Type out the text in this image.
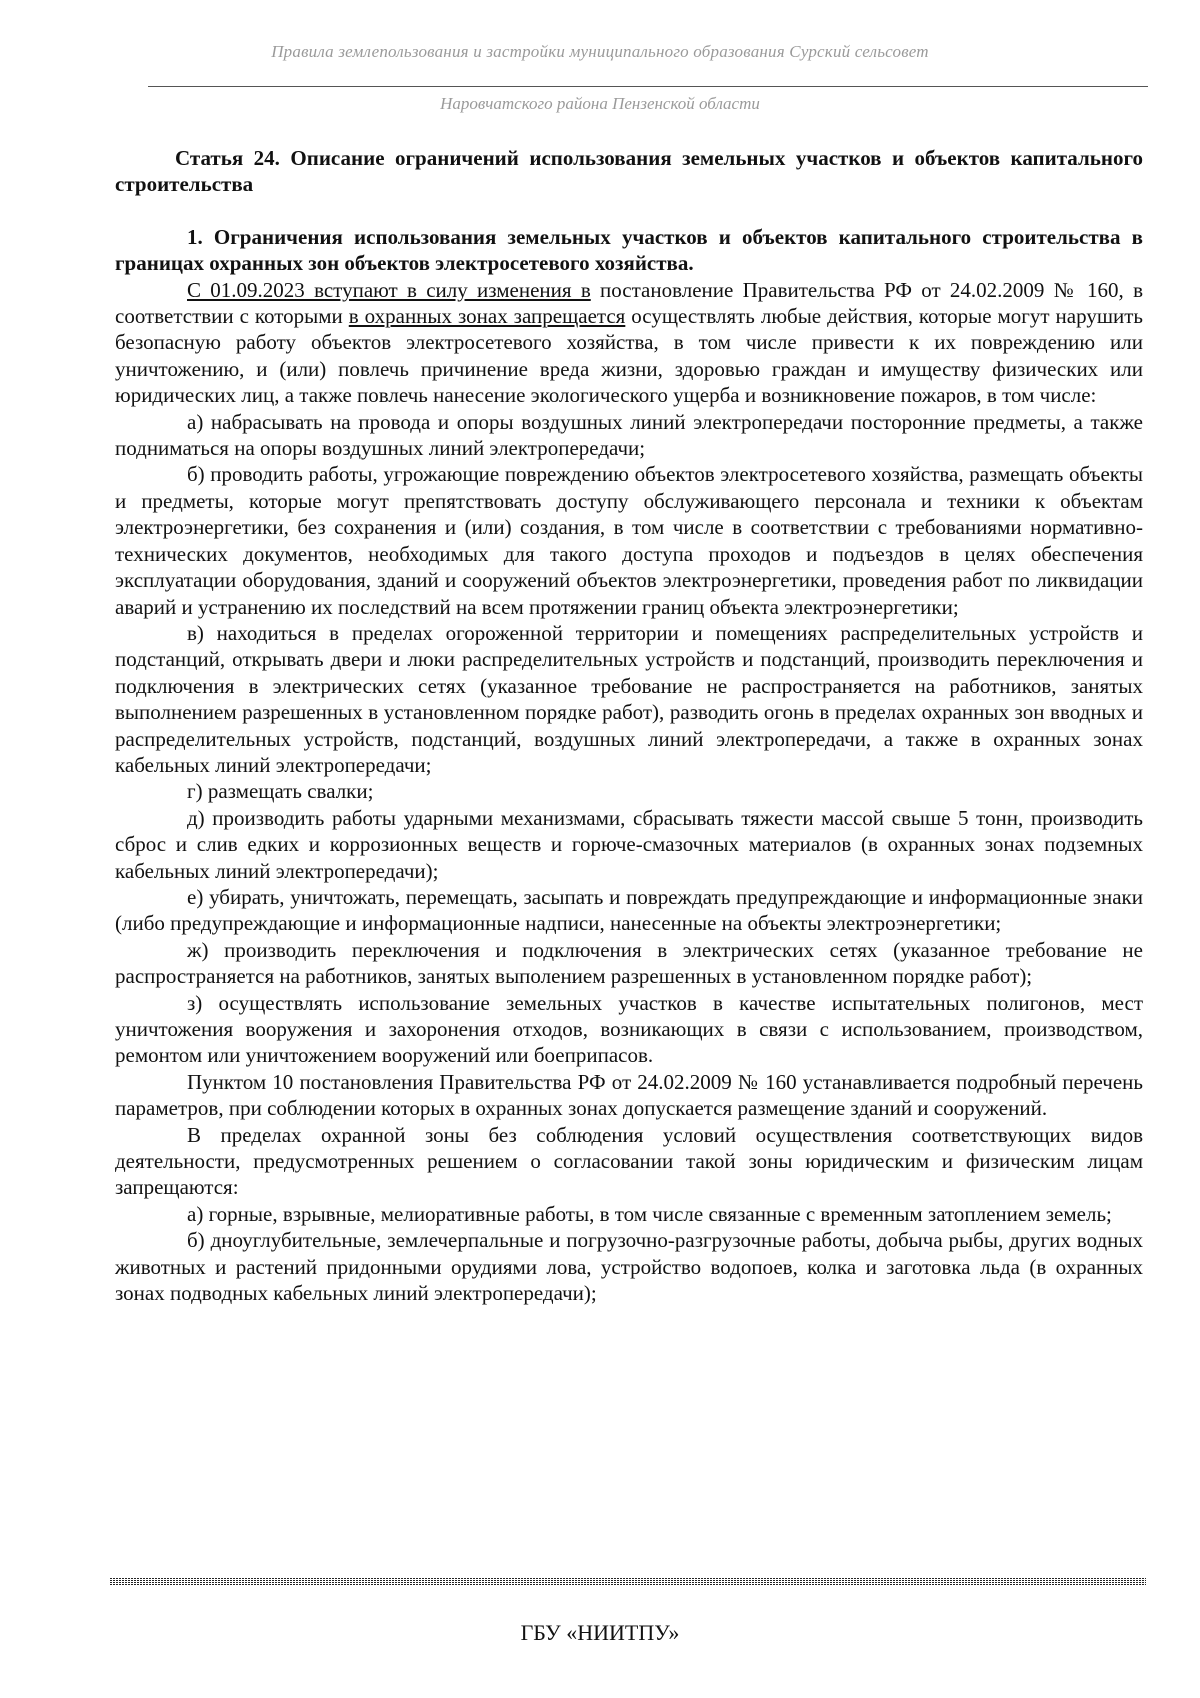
Правила землепользования и застройки муниципального образования Сурский сельсовет
Наровчатского района Пензенской области

Статья 24. Описание ограничений использования земельных участков и объектов капитального строительства

1. Ограничения использования земельных участков и объектов капитального строительства в границах охранных зон объектов электросетевого хозяйства.

С 01.09.2023 вступают в силу изменения в постановление Правительства РФ от 24.02.2009 № 160, в соответствии с которыми в охранных зонах запрещается осуществлять любые действия, которые могут нарушить безопасную работу объектов электросетевого хозяйства, в том числе привести к их повреждению или уничтожению, и (или) повлечь причинение вреда жизни, здоровью граждан и имуществу физических или юридических лиц, а также повлечь нанесение экологического ущерба и возникновение пожаров, в том числе:

а) набрасывать на провода и опоры воздушных линий электропередачи посторонние предметы, а также подниматься на опоры воздушных линий электропередачи;

б) проводить работы, угрожающие повреждению объектов электросетевого хозяйства, размещать объекты и предметы, которые могут препятствовать доступу обслуживающего персонала и техники к объектам электроэнергетики, без сохранения и (или) создания, в том числе в соответствии с требованиями нормативно-технических документов, необходимых для такого доступа проходов и подъездов в целях обеспечения эксплуатации оборудования, зданий и сооружений объектов электроэнергетики, проведения работ по ликвидации аварий и устранению их последствий на всем протяжении границ объекта электроэнергетики;

в) находиться в пределах огороженной территории и помещениях распределительных устройств и подстанций, открывать двери и люки распределительных устройств и подстанций, производить переключения и подключения в электрических сетях (указанное требование не распространяется на работников, занятых выполнением разрешенных в установленном порядке работ), разводить огонь в пределах охранных зон вводных и распределительных устройств, подстанций, воздушных линий электропередачи, а также в охранных зонах кабельных линий электропередачи;

г) размещать свалки;

д) производить работы ударными механизмами, сбрасывать тяжести массой свыше 5 тонн, производить сброс и слив едких и коррозионных веществ и горюче-смазочных материалов (в охранных зонах подземных кабельных линий электропередачи);

е) убирать, уничтожать, перемещать, засыпать и повреждать предупреждающие и информационные знаки (либо предупреждающие и информационные надписи, нанесенные на объекты электроэнергетики;

ж) производить переключения и подключения в электрических сетях (указанное требование не распространяется на работников, занятых выполением разрешенных в установленном порядке работ);

з) осуществлять использование земельных участков в качестве испытательных полигонов, мест уничтожения вооружения и захоронения отходов, возникающих в связи с использованием, производством, ремонтом или уничтожением вооружений или боеприпасов.

Пунктом 10 постановления Правительства РФ от 24.02.2009 № 160 устанавливается подробный перечень параметров, при соблюдении которых в охранных зонах допускается размещение зданий и сооружений.

В пределах охранной зоны без соблюдения условий осуществления соответствующих видов деятельности, предусмотренных решением о согласовании такой зоны юридическим и физическим лицам запрещаются:

а) горные, взрывные, мелиоративные работы, в том числе связанные с временным затоплением земель;

б) дноуглубительные, землечерпальные и погрузочно-разгрузочные работы, добыча рыбы, других водных животных и растений придонными орудиями лова, устройство водопоев, колка и заготовка льда (в охранных зонах подводных кабельных линий электропередачи);

ГБУ «НИИТПУ»
